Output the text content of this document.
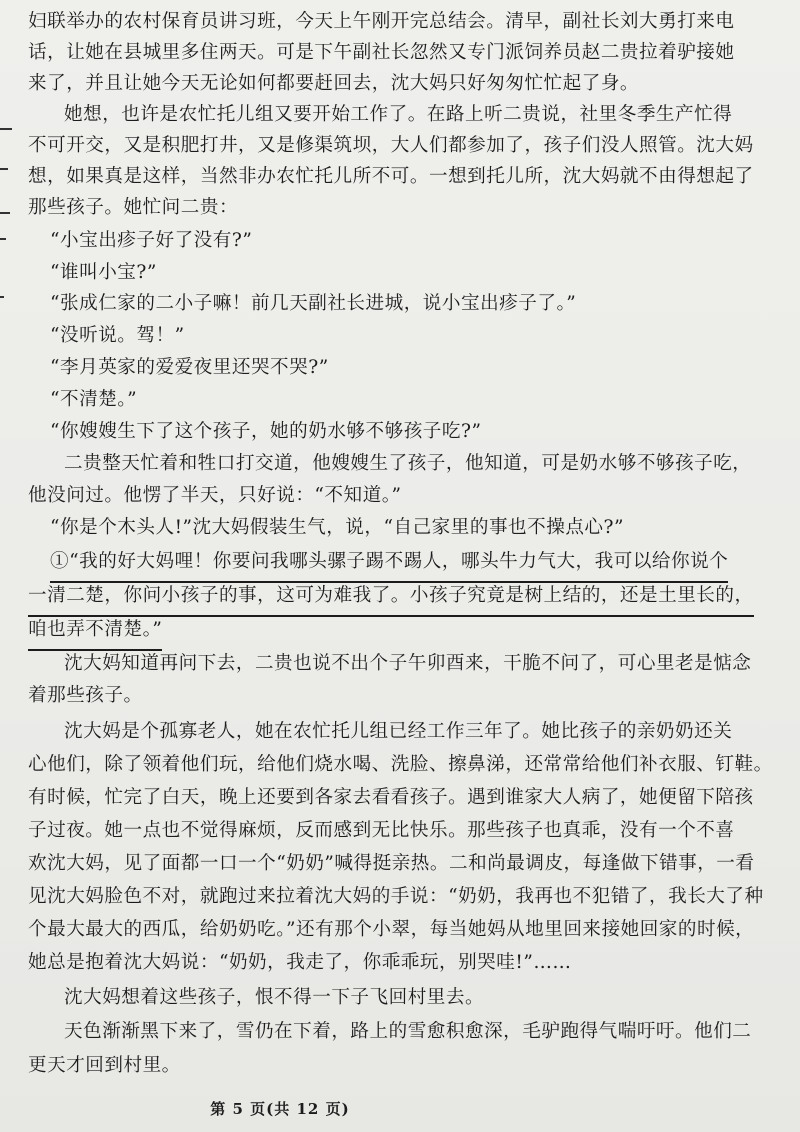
妇联举办的农村保育员讲习班，今天上午刚开完总结会。清早，副社长刘大勇打来电
话，让她在县城里多住两天。可是下午副社长忽然又专门派饲养员赵二贵拉着驴接她
来了，并且让她今天无论如何都要赶回去，沈大妈只好匆匆忙忙起了身。
她想，也许是农忙托儿组又要开始工作了。在路上听二贵说，社里冬季生产忙得
不可开交，又是积肥打井，又是修渠筑坝，大人们都参加了，孩子们没人照管。沈大妈
想，如果真是这样，当然非办农忙托儿所不可。一想到托儿所，沈大妈就不由得想起了
那些孩子。她忙问二贵：
“小宝出疹子好了没有?”
“谁叫小宝?”
“张成仁家的二小子嘛！前几天副社长进城，说小宝出疹子了。”
“没听说。驾！”
“李月英家的爱爱夜里还哭不哭?”
“不清楚。”
“你嫂嫂生下了这个孩子，她的奶水够不够孩子吃?”
二贵整天忙着和牲口打交道，他嫂嫂生了孩子，他知道，可是奶水够不够孩子吃，
他没问过。他愣了半天，只好说：“不知道。”
“你是个木头人!”沈大妈假装生气，说，“自己家里的事也不操点心?”
①“我的好大妈哩！你要问我哪头骡子踢不踢人，哪头牛力气大，我可以给你说个
一清二楚，你问小孩子的事，这可为难我了。小孩子究竟是树上结的，还是土里长的，
咱也弄不清楚。”
沈大妈知道再问下去，二贵也说不出个子午卯酉来，干脆不问了，可心里老是惦念
着那些孩子。
沈大妈是个孤寡老人，她在农忙托儿组已经工作三年了。她比孩子的亲奶奶还关
心他们，除了领着他们玩，给他们烧水喝、洗脸、擦鼻涕，还常常给他们补衣服、钉鞋。
有时候，忙完了白天，晚上还要到各家去看看孩子。遇到谁家大人病了，她便留下陪孩
子过夜。她一点也不觉得麻烦，反而感到无比快乐。那些孩子也真乖，没有一个不喜
欢沈大妈，见了面都一口一个“奶奶”喊得挺亲热。二和尚最调皮，每逢做下错事，一看
见沈大妈脸色不对，就跑过来拉着沈大妈的手说：“奶奶，我再也不犯错了，我长大了种
个最大最大的西瓜，给奶奶吃。”还有那个小翠，每当她妈从地里回来接她回家的时候，
她总是抱着沈大妈说：“奶奶，我走了，你乖乖玩，别哭哇!”……
沈大妈想着这些孩子，恨不得一下子飞回村里去。
天色渐渐黑下来了，雪仍在下着，路上的雪愈积愈深，毛驴跑得气喘吁吁。他们二
更天才回到村里。
第 5 页(共 12 页)
